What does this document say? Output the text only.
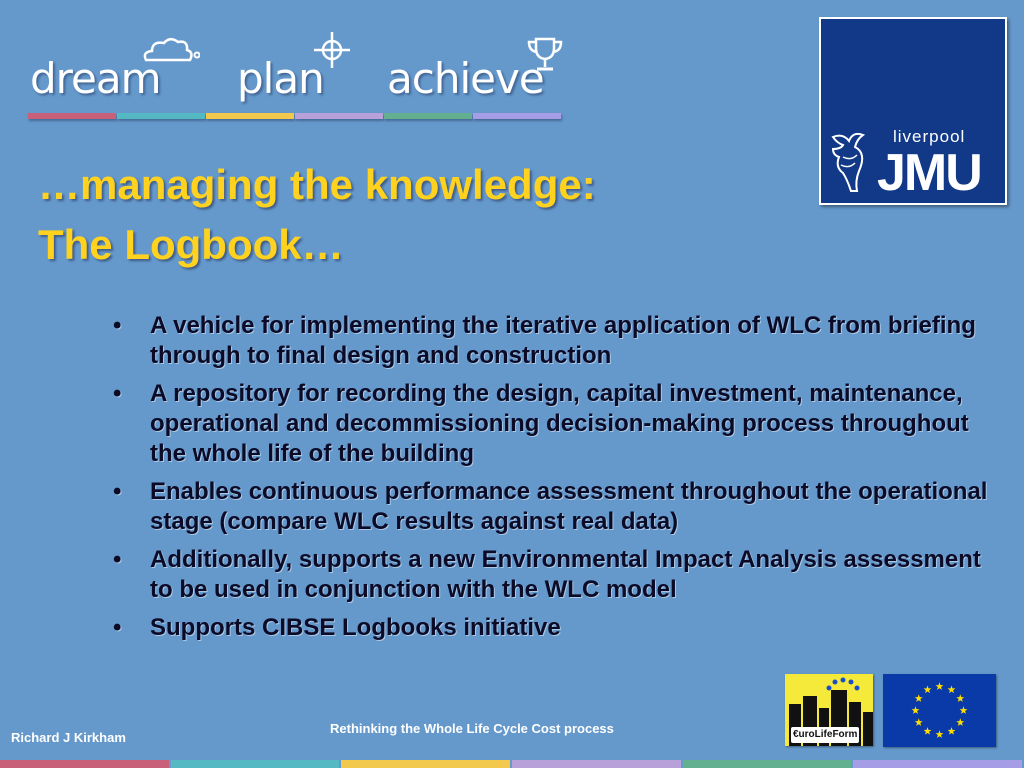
dream plan achieve
…managing the knowledge:
The Logbook…
liverpool
JMU
• A vehicle for implementing the iterative application of WLC from briefing through to final design and construction
• A repository for recording the design, capital investment, maintenance, operational and decommissioning decision-making process throughout the whole life of the building
• Enables continuous performance assessment throughout the operational stage (compare WLC results against real data)
• Additionally, supports a new Environmental Impact Analysis assessment to be used in conjunction with the WLC model
• Supports CIBSE Logbooks initiative
Rethinking the Whole Life Cycle Cost process
Richard J Kirkham	€uroLifeForm
